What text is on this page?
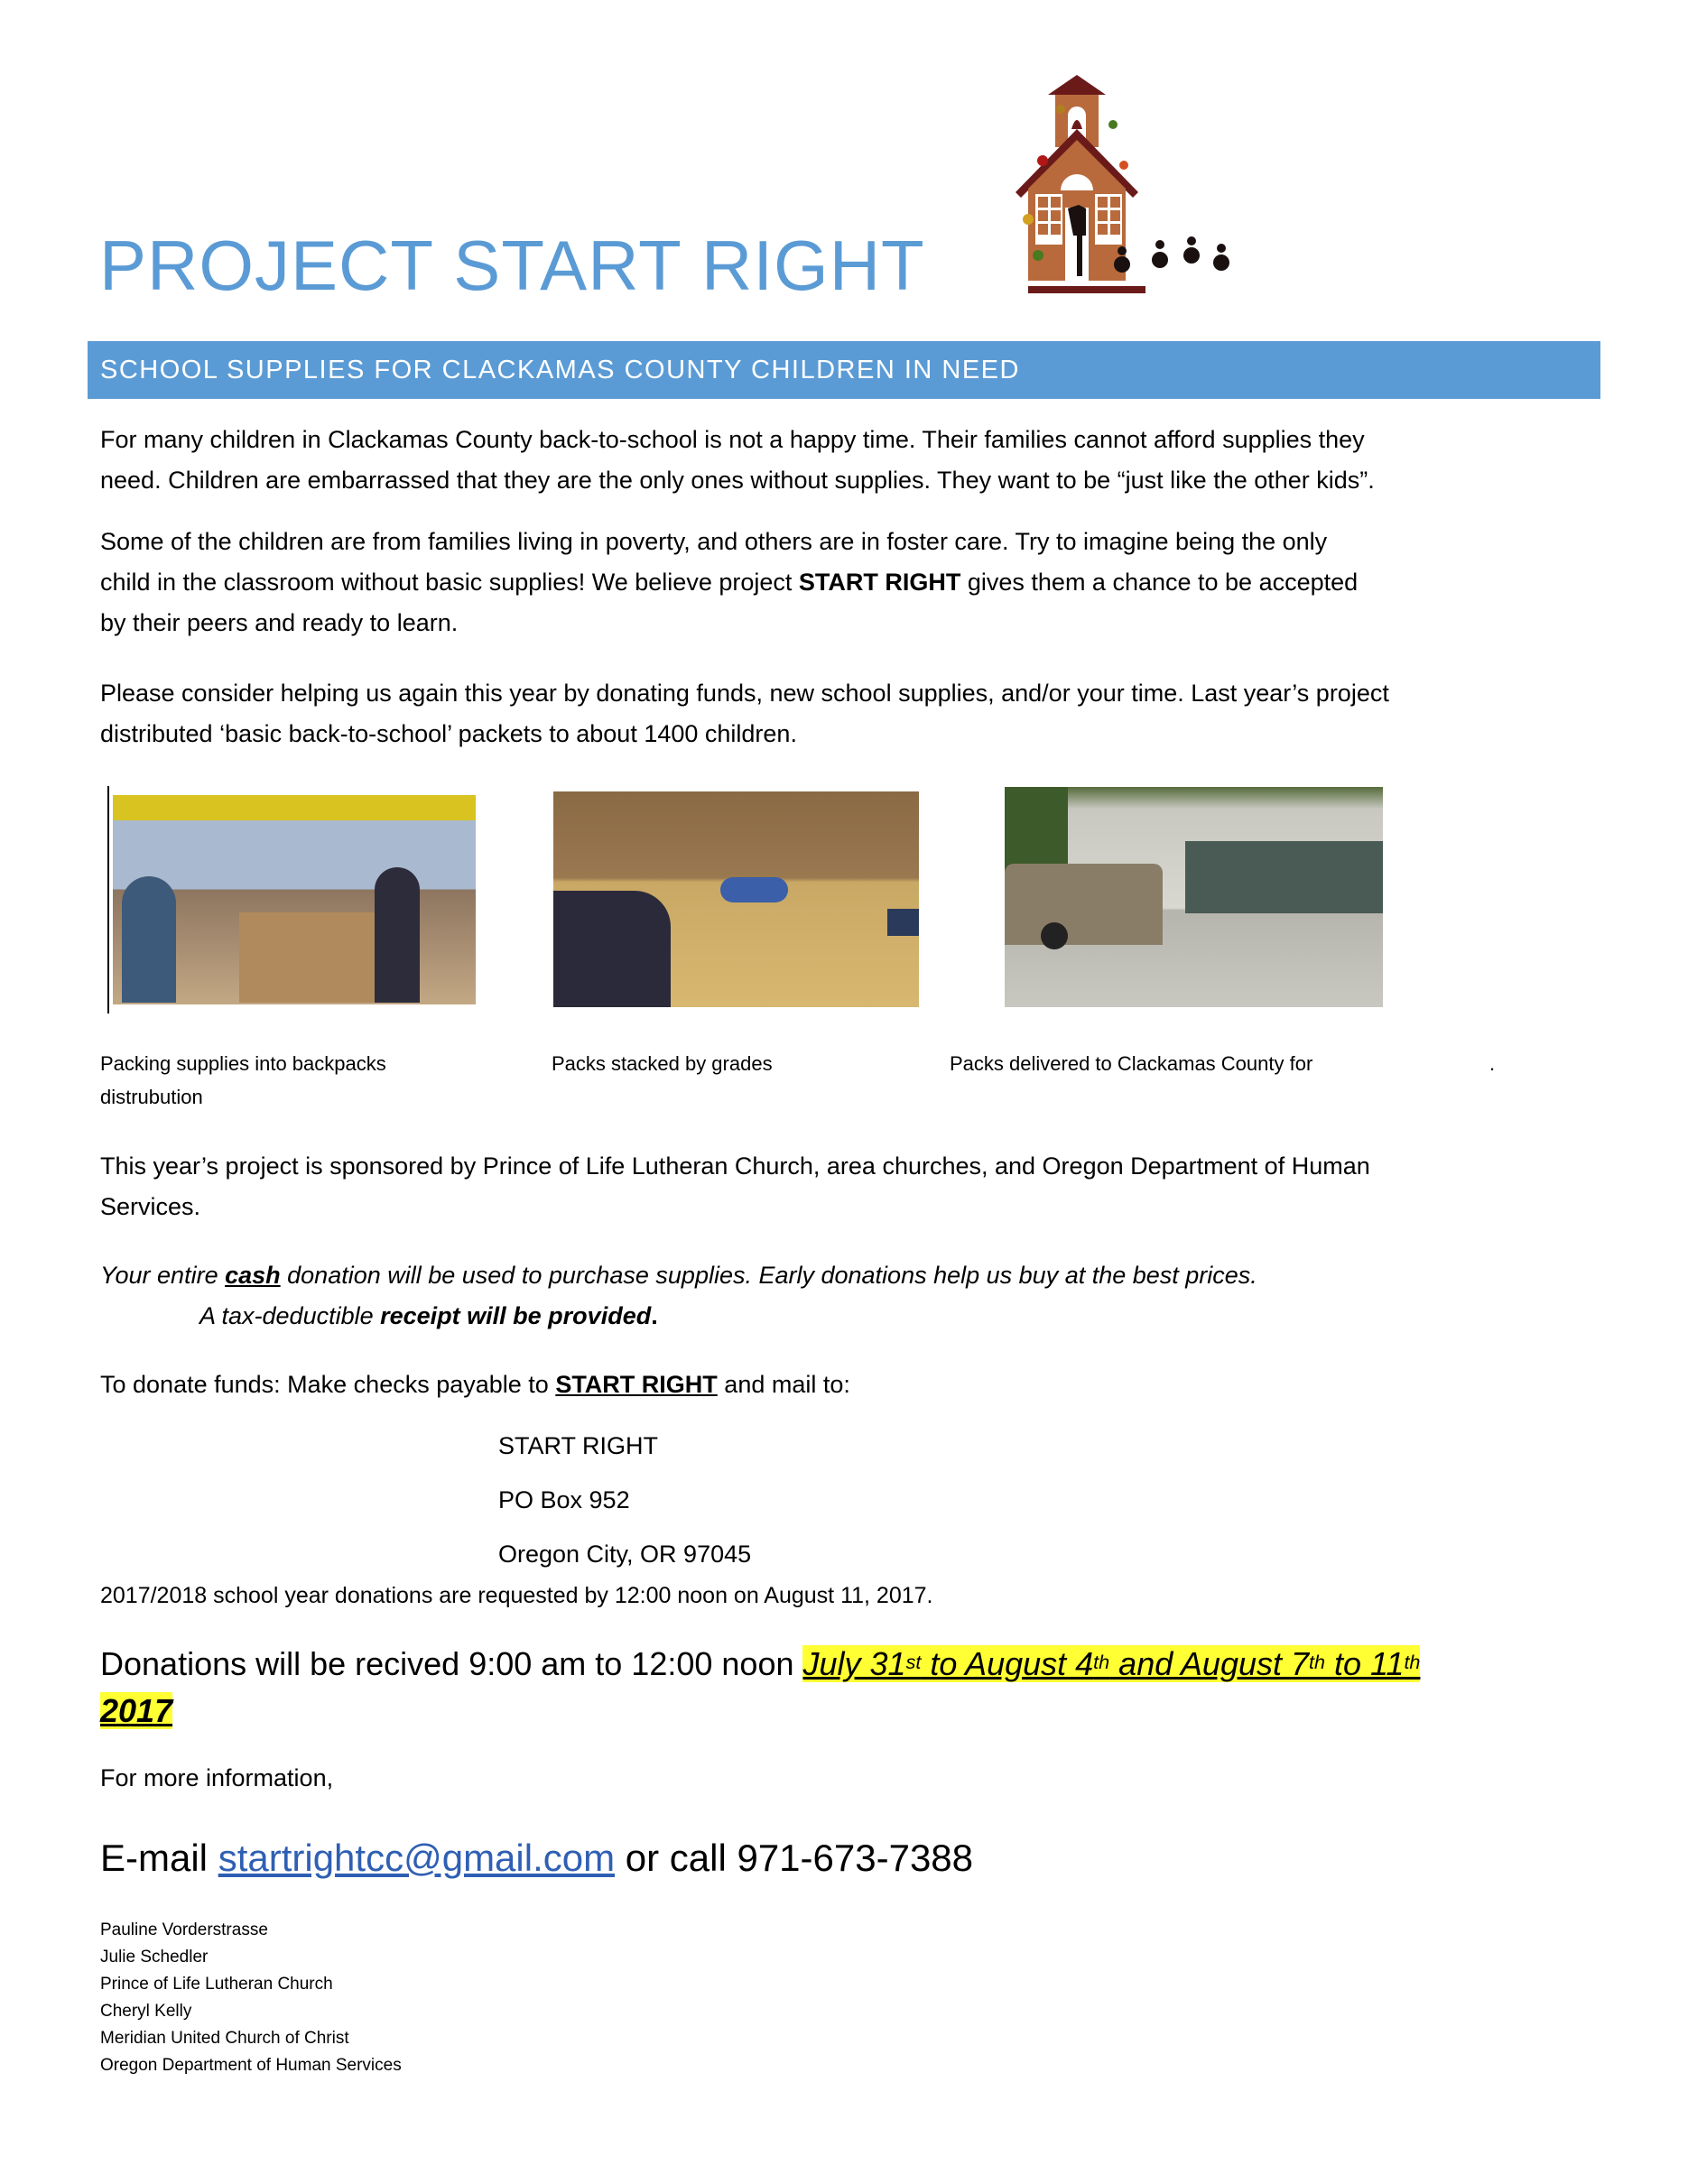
PROJECT START RIGHT
SCHOOL SUPPLIES FOR CLACKAMAS COUNTY CHILDREN IN NEED
For many children in Clackamas County back-to-school is not a happy time. Their families cannot afford supplies they
need. Children are embarrassed that they are the only ones without supplies. They want to be “just like the other kids”.
Some of the children are from families living in poverty, and others are in foster care. Try to imagine being the only
child in the classroom without basic supplies! We believe project START RIGHT gives them a chance to be accepted
by their peers and ready to learn.
Please consider helping us again this year by donating funds, new school supplies, and/or your time. Last year’s project
distributed ‘basic back-to-school’ packets to about 1400 children.
Packing supplies into backpacks
distrubution
Packs stacked by grades	Packs delivered to Clackamas County for	.
This year’s project is sponsored by Prince of Life Lutheran Church, area churches, and Oregon Department of Human
Services.
Your entire cash donation will be used to purchase supplies. Early donations help us buy at the best prices.
A tax-deductible receipt will be provided.
To donate funds: Make checks payable to START RIGHT and mail to:
START RIGHT
PO Box 952
Oregon City, OR 97045
2017/2018 school year donations are requested by 12:00 noon on August 11, 2017.
Donations will be recived 9:00 am to 12:00 noon July 31st to August 4th and August 7th to 11th
2017
For more information,
E-mail startrightcc@gmail.com or call 971-673-7388
Pauline Vorderstrasse
Julie Schedler
Prince of Life Lutheran Church
Cheryl Kelly
Meridian United Church of Christ
Oregon Department of Human Services
